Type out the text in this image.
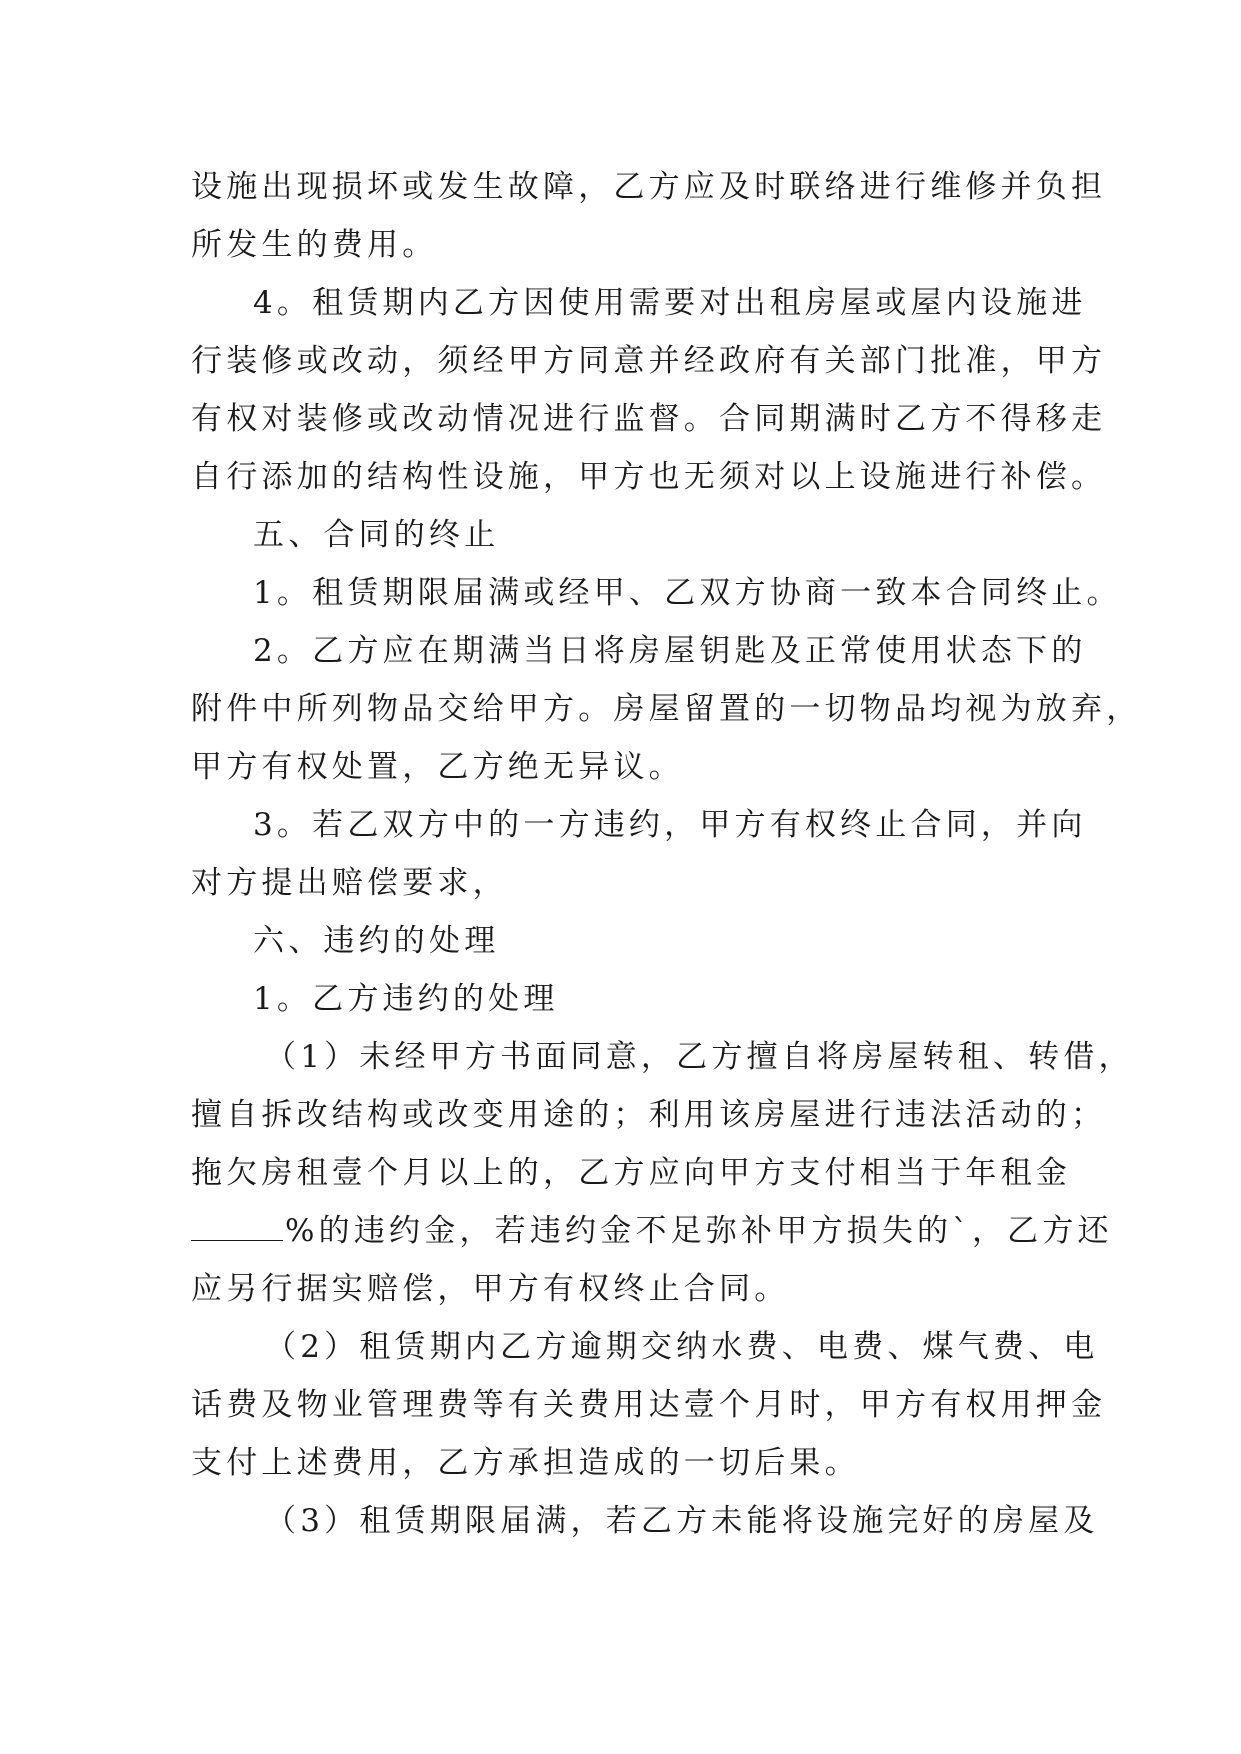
设施出现损坏或发生故障，乙方应及时联络进行维修并负担
所发生的费用。
4。租赁期内乙方因使用需要对出租房屋或屋内设施进
行装修或改动，须经甲方同意并经政府有关部门批准，甲方
有权对装修或改动情况进行监督。合同期满时乙方不得移走
自行添加的结构性设施，甲方也无须对以上设施进行补偿。
五、合同的终止
1。租赁期限届满或经甲、乙双方协商一致本合同终止。
2。乙方应在期满当日将房屋钥匙及正常使用状态下的
附件中所列物品交给甲方。房屋留置的一切物品均视为放弃，
甲方有权处置，乙方绝无异议。
3。若乙双方中的一方违约，甲方有权终止合同，并向
对方提出赔偿要求，
六、违约的处理
1。乙方违约的处理
（1）未经甲方书面同意，乙方擅自将房屋转租、转借，
擅自拆改结构或改变用途的；利用该房屋进行违法活动的；
拖欠房租壹个月以上的，乙方应向甲方支付相当于年租金
%的违约金，若违约金不足弥补甲方损失的`，乙方还
应另行据实赔偿，甲方有权终止合同。
（2）租赁期内乙方逾期交纳水费、电费、煤气费、电
话费及物业管理费等有关费用达壹个月时，甲方有权用押金
支付上述费用，乙方承担造成的一切后果。
（3）租赁期限届满，若乙方未能将设施完好的房屋及
